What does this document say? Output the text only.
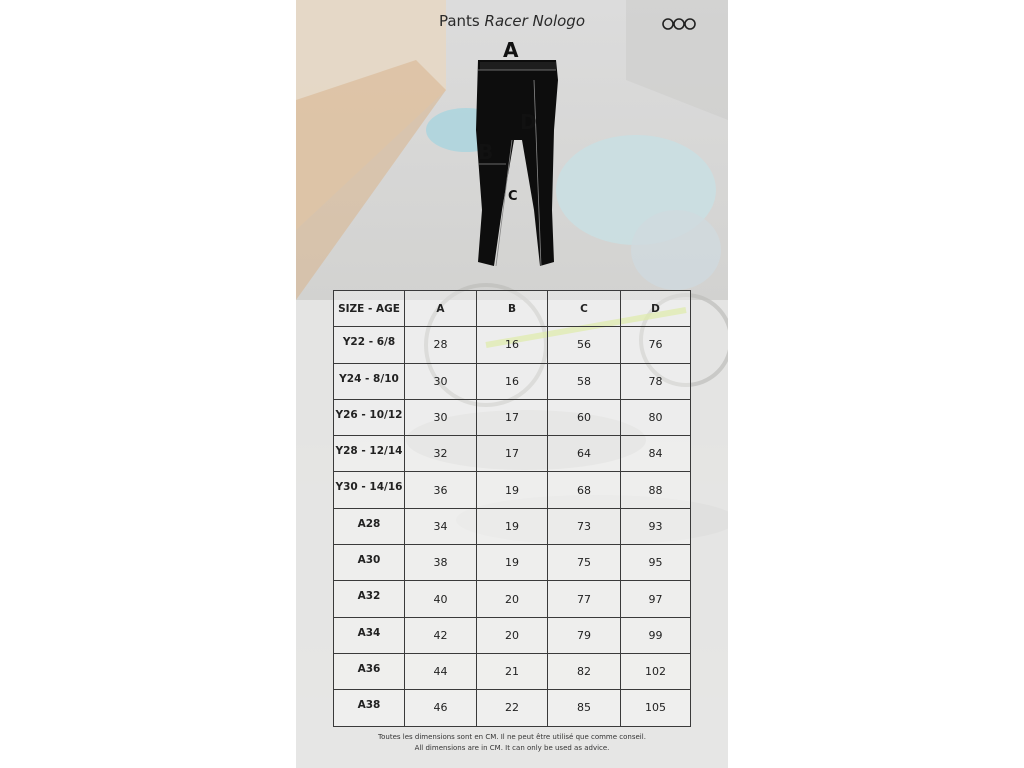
Pants Racer Nologo
A
B
C
D
SIZE - AGE	A	B	C	D
Y22 - 6/8	28	16	56	76
Y24 - 8/10	30	16	58	78
Y26 - 10/12	30	17	60	80
Y28 - 12/14	32	17	64	84
Y30 - 14/16	36	19	68	88
A28	34	19	73	93
A30	38	19	75	95
A32	40	20	77	97
A34	42	20	79	99
A36	44	21	82	102
A38	46	22	85	105
Toutes les dimensions sont en CM. Il ne peut être utilisé que comme conseil.
All dimensions are in CM. It can only be used as advice.
